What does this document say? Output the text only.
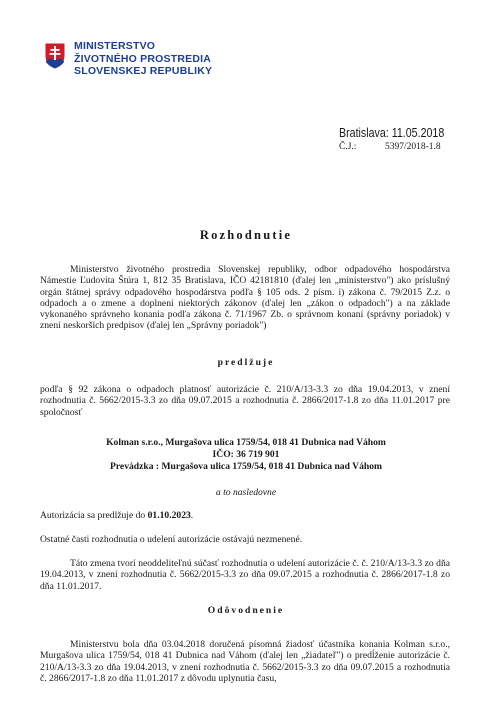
MINISTERSTVO
ŽIVOTNÉHO PROSTREDIA
SLOVENSKEJ REPUBLIKY
Bratislava: 11.05.2018
Č.J.:	5397/2018-1.8
Rozhodnutie
Ministerstvo životného prostredia Slovenskej republiky, odbor odpadového hospodárstva Námestie Ľudovíta Štúra 1, 812 35 Bratislava, IČO 42181810 (ďalej len „ministerstvo") ako príslušný orgán štátnej správy odpadového hospodárstva podľa § 105 ods. 2 písm. i) zákona č. 79/2015 Z.z. o odpadoch a o zmene a doplnení niektorých zákonov (ďalej len „zákon o odpadoch") a na základe vykonaného správneho konania podľa zákona č. 71/1967 Zb. o správnom konaní (správny poriadok) v znení neskorších predpisov (ďalej len „Správny poriadok")
predlžuje
podľa § 92 zákona o odpadoch platnosť autorizácie č. 210/A/13-3.3 zo dňa 19.04.2013, v znení rozhodnutia č. 5662/2015-3.3 zo dňa 09.07.2015 a rozhodnutia č. 2866/2017-1.8 zo dňa 11.01.2017 pre spoločnosť
Kolman s.r.o., Murgašova ulica 1759/54, 018 41 Dubnica nad Váhom
IČO: 36 719 901
Prevádzka : Murgašova ulica 1759/54, 018 41 Dubnica nad Váhom
a to nasledovne
Autorizácia sa predlžuje do 01.10.2023.
Ostatné časti rozhodnutia o udelení autorizácie ostávajú nezmenené.
Táto zmena tvorí neoddeliteľnú súčasť rozhodnutia o udelení autorizácie č. č. 210/A/13-3.3 zo dňa 19.04.2013, v znení rozhodnutia č. 5662/2015-3.3 zo dňa 09.07.2015 a rozhodnutia č. 2866/2017-1.8 zo dňa 11.01.2017.
Odôvodnenie
Ministerstvu bola dňa 03.04.2018 doručená písomná žiadosť účastníka konania Kolman s.r.o., Murgašova ulica 1759/54, 018 41 Dubnica nad Váhom (ďalej len „žiadateľ") o predĺženie autorizácie č. 210/A/13-3.3 zo dňa 19.04.2013, v znení rozhodnutia č. 5662/2015-3.3 zo dňa 09.07.2015 a rozhodnutia č. 2866/2017-1.8 zo dňa 11.01.2017 z dôvodu uplynutia času,
